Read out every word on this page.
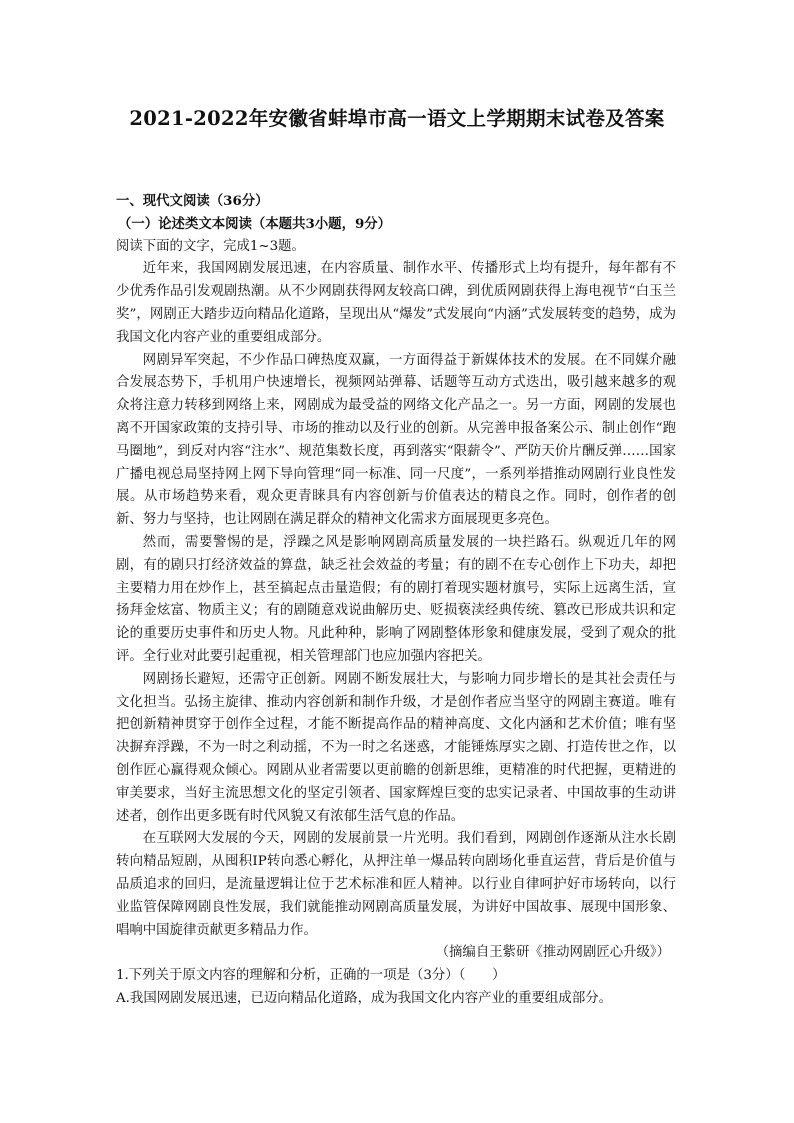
2021-2022年安徽省蚌埠市高一语文上学期期末试卷及答案

一、现代文阅读（36分）

（一）论述类文本阅读（本题共3小题，9分）

阅读下面的文字，完成1~3题。

近年来，我国网剧发展迅速，在内容质量、制作水平、传播形式上均有提升，每年都有不少优秀作品引发观剧热潮。从不少网剧获得网友较高口碑，到优质网剧获得上海电视节“白玉兰奖”，网剧正大踏步迈向精品化道路，呈现出从“爆发”式发展向“内涵”式发展转变的趋势，成为我国文化内容产业的重要组成部分。

网剧异军突起，不少作品口碑热度双赢，一方面得益于新媒体技术的发展。在不同媒介融合发展态势下，手机用户快速增长，视频网站弹幕、话题等互动方式迭出，吸引越来越多的观众将注意力转移到网络上来，网剧成为最受益的网络文化产品之一。另一方面，网剧的发展也离不开国家政策的支持引导、市场的推动以及行业的创新。从完善申报备案公示、制止创作“跑马圈地”，到反对内容“注水”、规范集数长度，再到落实“限薪令”、严防天价片酬反弹……国家广播电视总局坚持网上网下导向管理“同一标准、同一尺度”，一系列举措推动网剧行业良性发展。从市场趋势来看，观众更青睐具有内容创新与价值表达的精良之作。同时，创作者的创新、努力与坚持，也让网剧在满足群众的精神文化需求方面展现更多亮色。

然而，需要警惕的是，浮躁之风是影响网剧高质量发展的一块拦路石。纵观近几年的网剧，有的剧只打经济效益的算盘，缺乏社会效益的考量；有的剧不在专心创作上下功夫，却把主要精力用在炒作上，甚至搞起点击量造假；有的剧打着现实题材旗号，实际上远离生活，宣扬拜金炫富、物质主义；有的剧随意戏说曲解历史、贬损亵渎经典传统、篡改已形成共识和定论的重要历史事件和历史人物。凡此种种，影响了网剧整体形象和健康发展，受到了观众的批评。全行业对此要引起重视，相关管理部门也应加强内容把关。

网剧扬长避短，还需守正创新。网剧不断发展壮大，与影响力同步增长的是其社会责任与文化担当。弘扬主旋律、推动内容创新和制作升级，才是创作者应当坚守的网剧主赛道。唯有把创新精神贯穿于创作全过程，才能不断提高作品的精神高度、文化内涵和艺术价值；唯有坚决摒弃浮躁，不为一时之利动摇，不为一时之名迷惑，才能锤炼厚实之剧、打造传世之作，以创作匠心赢得观众倾心。网剧从业者需要以更前瞻的创新思维，更精准的时代把握，更精进的审美要求，当好主流思想文化的坚定引领者、国家辉煌巨变的忠实记录者、中国故事的生动讲述者，创作出更多既有时代风貌又有浓郁生活气息的作品。

在互联网大发展的今天，网剧的发展前景一片光明。我们看到，网剧创作逐渐从注水长剧转向精品短剧，从囤积IP转向悉心孵化，从押注单一爆品转向剧场化垂直运营，背后是价值与品质追求的回归，是流量逻辑让位于艺术标准和匠人精神。以行业自律呵护好市场转向，以行业监管保障网剧良性发展，我们就能推动网剧高质量发展，为讲好中国故事、展现中国形象、唱响中国旋律贡献更多精品力作。

（摘编自王紫研《推动网剧匠心升级》）

1.下列关于原文内容的理解和分析，正确的一项是（3分）（　　）

A.我国网剧发展迅速，已迈向精品化道路，成为我国文化内容产业的重要组成部分。
